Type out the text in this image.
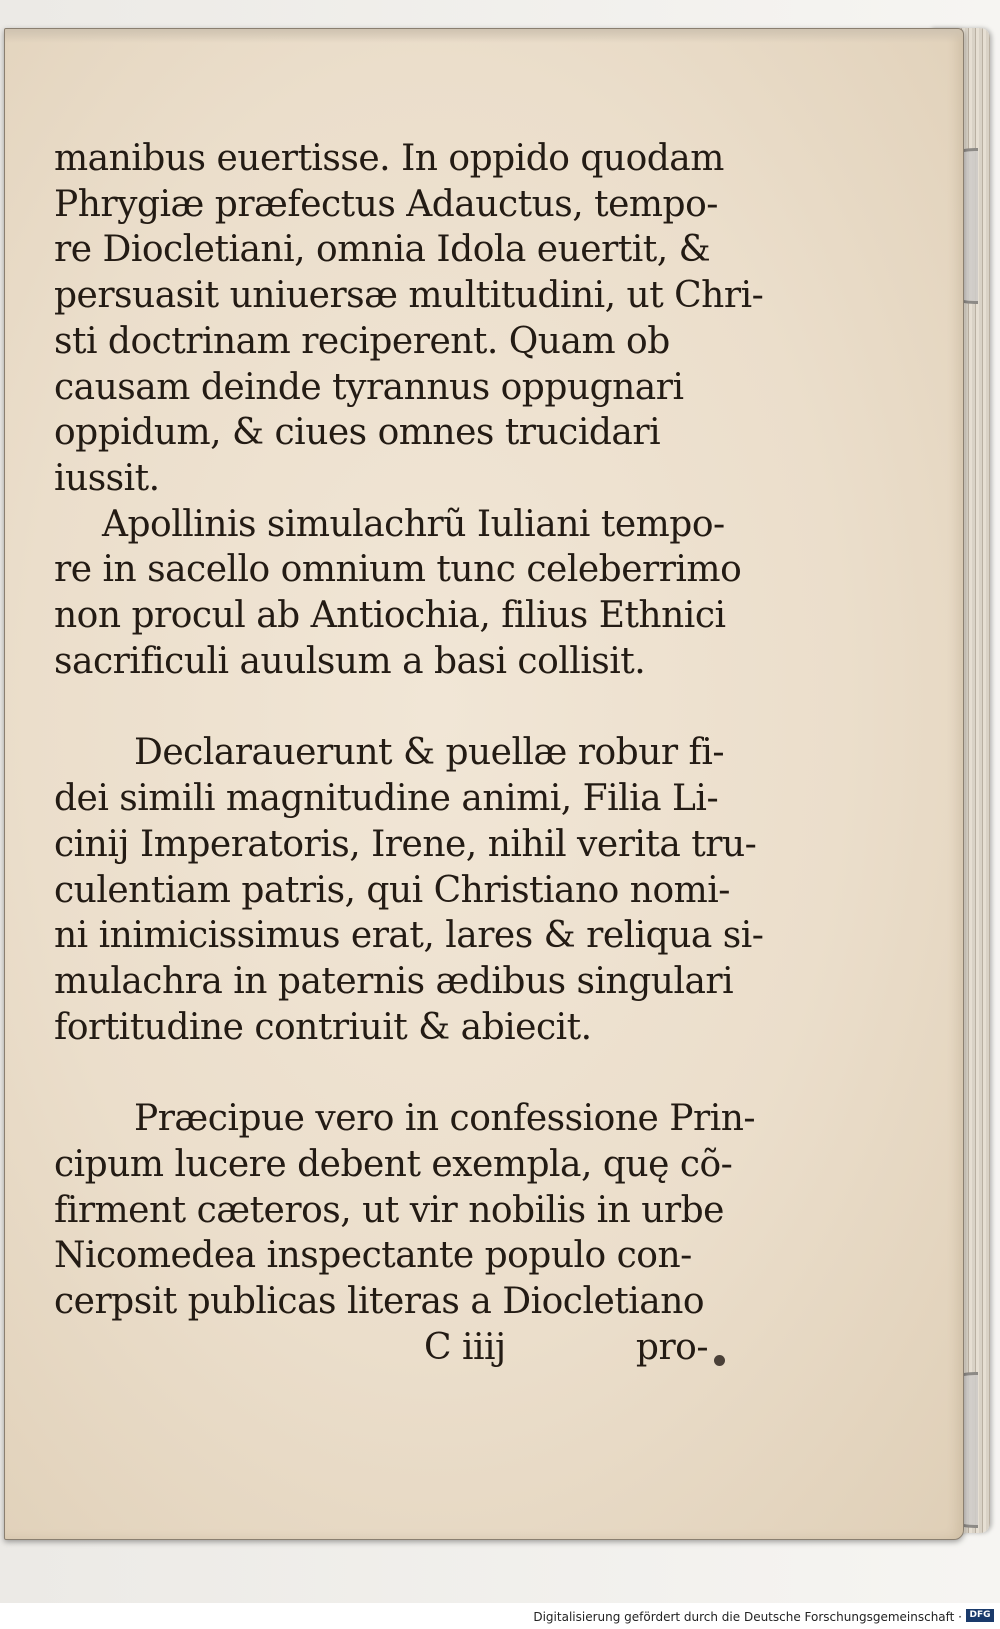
manibus euertisse. In oppido quodam
Phrygiæ præfectus Adauctus, tempo-
re Diocletiani, omnia Idola euertit, &
persuasit uniuersæ multitudini, ut Chri-
sti doctrinam reciperent. Quam ob
causam deinde tyrannus oppugnari
oppidum, & ciues omnes trucidari
iussit.
Apollinis simulachrũ Iuliani tempo-
re in sacello omnium tunc celeberrimo
non procul ab Antiochia, filius Ethnici
sacrificuli auulsum a basi collisit.
Declarauerunt & puellæ robur fi-
dei simili magnitudine animi, Filia Li-
cinij Imperatoris, Irene, nihil verita tru-
culentiam patris, qui Christiano nomi-
ni inimicissimus erat, lares & reliqua si-
mulachra in paternis ædibus singulari
fortitudine contriuit & abiecit.
Præcipue vero in confessione Prin-
cipum lucere debent exempla, quę cõ-
firment cæteros, ut vir nobilis in urbe
Nicomedea inspectante populo con-
cerpsit publicas literas a Diocletiano
C iiij	pro-
Digitalisierung gefördert durch die Deutsche Forschungsgemeinschaft · DFG
